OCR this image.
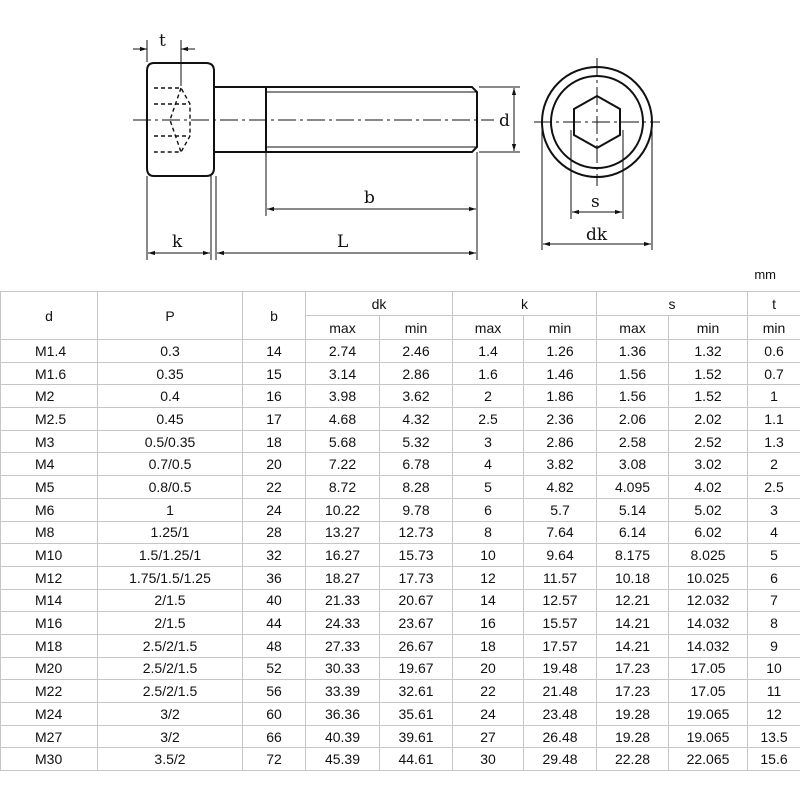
t
d
b
k	L
s
dk
mm
d	P	b	dk		k		s		t
			max	min	max	min	max	min	min
M1.4	0.3	14	2.74	2.46	1.4	1.26	1.36	1.32	0.6
M1.6	0.35	15	3.14	2.86	1.6	1.46	1.56	1.52	0.7
M2	0.4	16	3.98	3.62	2	1.86	1.56	1.52	1
M2.5	0.45	17	4.68	4.32	2.5	2.36	2.06	2.02	1.1
M3	0.5/0.35	18	5.68	5.32	3	2.86	2.58	2.52	1.3
M4	0.7/0.5	20	7.22	6.78	4	3.82	3.08	3.02	2
M5	0.8/0.5	22	8.72	8.28	5	4.82	4.095	4.02	2.5
M6	1	24	10.22	9.78	6	5.7	5.14	5.02	3
M8	1.25/1	28	13.27	12.73	8	7.64	6.14	6.02	4
M10	1.5/1.25/1	32	16.27	15.73	10	9.64	8.175	8.025	5
M12	1.75/1.5/1.25	36	18.27	17.73	12	11.57	10.18	10.025	6
M14	2/1.5	40	21.33	20.67	14	12.57	12.21	12.032	7
M16	2/1.5	44	24.33	23.67	16	15.57	14.21	14.032	8
M18	2.5/2/1.5	48	27.33	26.67	18	17.57	14.21	14.032	9
M20	2.5/2/1.5	52	30.33	19.67	20	19.48	17.23	17.05	10
M22	2.5/2/1.5	56	33.39	32.61	22	21.48	17.23	17.05	11
M24	3/2	60	36.36	35.61	24	23.48	19.28	19.065	12
M27	3/2	66	40.39	39.61	27	26.48	19.28	19.065	13.5
M30	3.5/2	72	45.39	44.61	30	29.48	22.28	22.065	15.6
